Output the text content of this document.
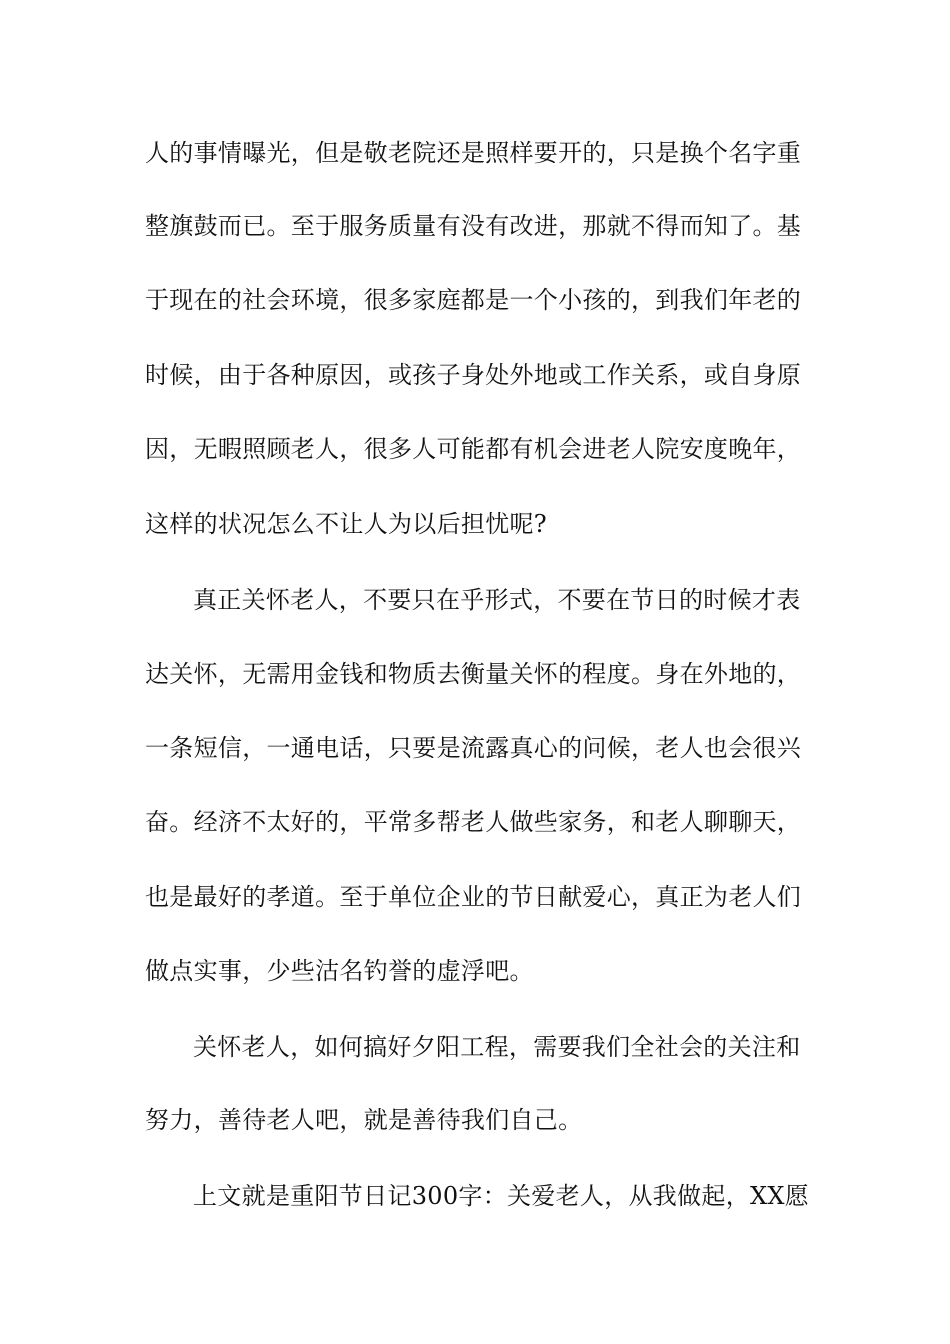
人的事情曝光，但是敬老院还是照样要开的，只是换个名字重
整旗鼓而已。至于服务质量有没有改进，那就不得而知了。基
于现在的社会环境，很多家庭都是一个小孩的，到我们年老的
时候，由于各种原因，或孩子身处外地或工作关系，或自身原
因，无暇照顾老人，很多人可能都有机会进老人院安度晚年，
这样的状况怎么不让人为以后担忧呢?
真正关怀老人，不要只在乎形式，不要在节日的时候才表
达关怀，无需用金钱和物质去衡量关怀的程度。身在外地的，
一条短信，一通电话，只要是流露真心的问候，老人也会很兴
奋。经济不太好的，平常多帮老人做些家务，和老人聊聊天，
也是最好的孝道。至于单位企业的节日献爱心，真正为老人们
做点实事，少些沽名钓誉的虚浮吧。
关怀老人，如何搞好夕阳工程，需要我们全社会的关注和
努力，善待老人吧，就是善待我们自己。
上文就是重阳节日记300字：关爱老人，从我做起，XX愿
